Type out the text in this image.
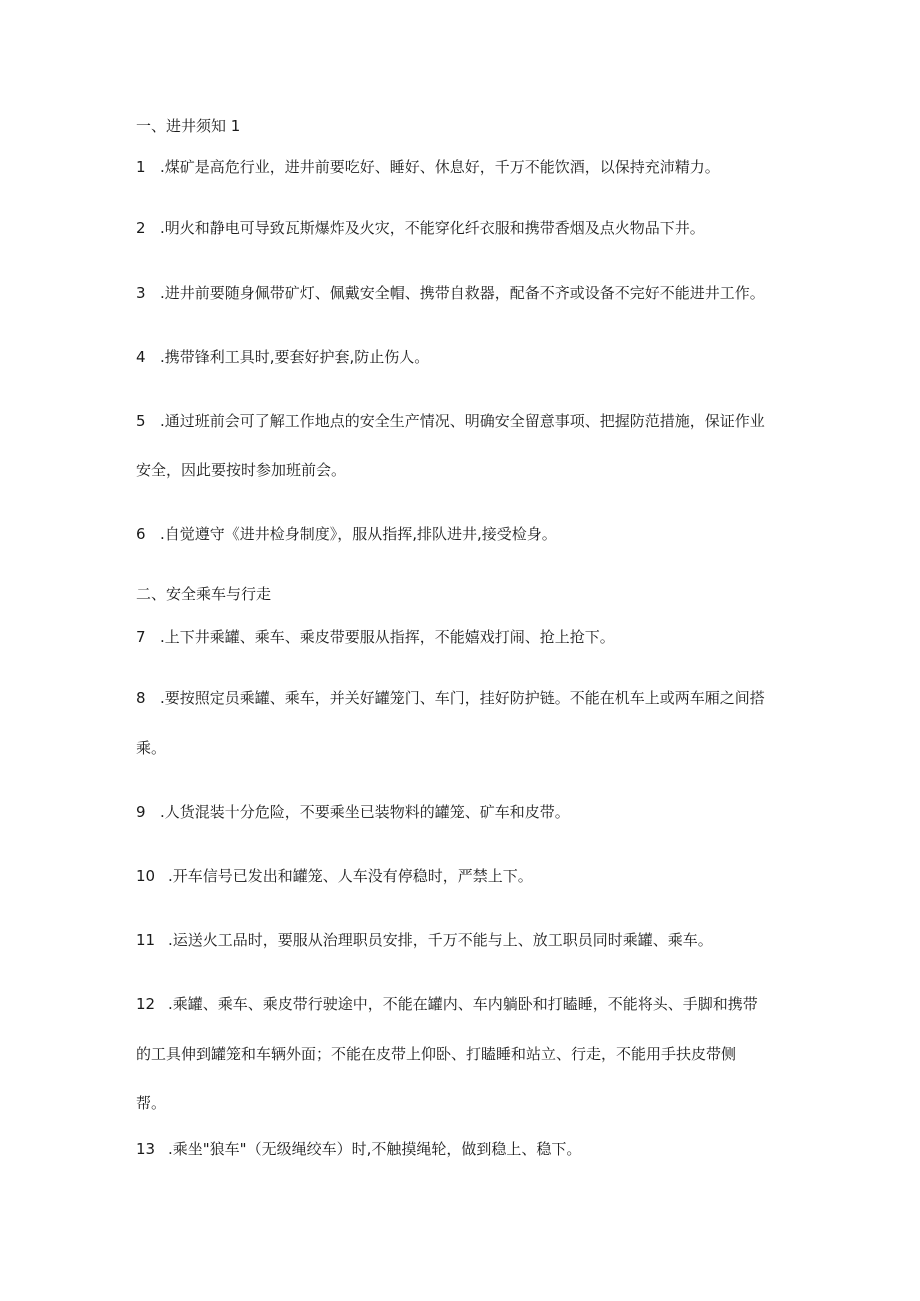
一、进井须知 1
1 .煤矿是高危行业，进井前要吃好、睡好、休息好，千万不能饮酒，以保持充沛精力。
2 .明火和静电可导致瓦斯爆炸及火灾，不能穿化纤衣服和携带香烟及点火物品下井。
3 .进井前要随身佩带矿灯、佩戴安全帽、携带自救器，配备不齐或设备不完好不能进井工作。
4 .携带锋利工具时,要套好护套,防止伤人。
5 .通过班前会可了解工作地点的安全生产情况、明确安全留意事项、把握防范措施，保证作业
安全，因此要按时参加班前会。
6 .自觉遵守《进井检身制度》，服从指挥,排队进井,接受检身。
二、安全乘车与行走
7 .上下井乘罐、乘车、乘皮带要服从指挥，不能嬉戏打闹、抢上抢下。
8 .要按照定员乘罐、乘车，并关好罐笼门、车门，挂好防护链。不能在机车上或两车厢之间搭
乘。
9 .人货混装十分危险，不要乘坐已装物料的罐笼、矿车和皮带。
10 .开车信号已发出和罐笼、人车没有停稳时，严禁上下。
11 .运送火工品时，要服从治理职员安排，千万不能与上、放工职员同时乘罐、乘车。
12 .乘罐、乘车、乘皮带行驶途中，不能在罐内、车内躺卧和打瞌睡，不能将头、手脚和携带
的工具伸到罐笼和车辆外面；不能在皮带上仰卧、打瞌睡和站立、行走，不能用手扶皮带侧
帮。
13 .乘坐"狼车"（无级绳绞车）时,不触摸绳轮，做到稳上、稳下。
